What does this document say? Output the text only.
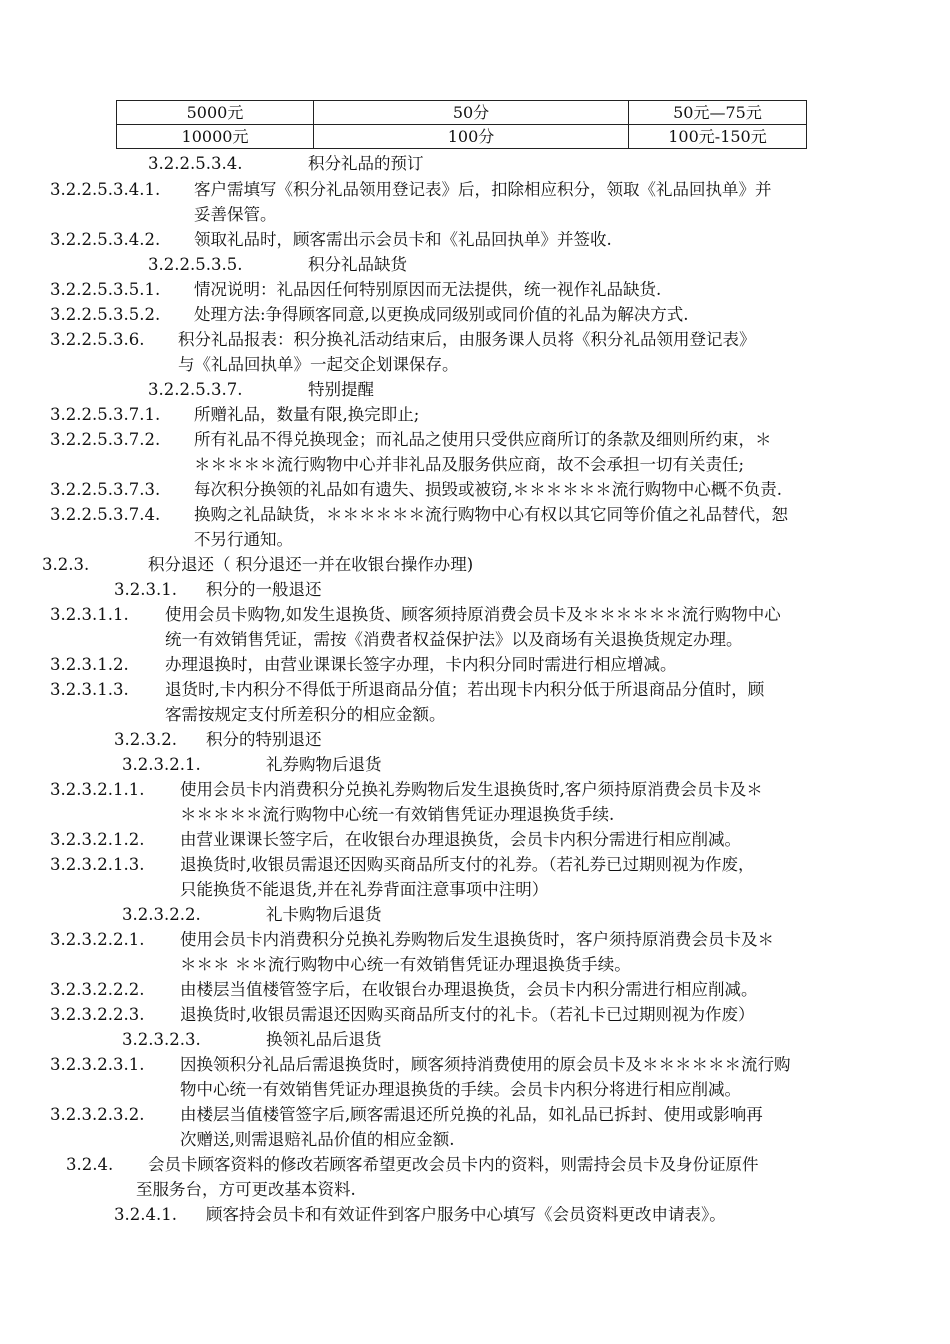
5000元	50分	50元—75元
10000元	100分	100元-150元
3.2.2.5.3.4.	积分礼品的预订
3.2.2.5.3.4.1. 客户需填写《积分礼品领用登记表》后，扣除相应积分，领取《礼品回执单》并
妥善保管。
3.2.2.5.3.4.2. 领取礼品时，顾客需出示会员卡和《礼品回执单》并签收.
3.2.2.5.3.5.	积分礼品缺货
3.2.2.5.3.5.1. 情况说明：礼品因任何特别原因而无法提供，统一视作礼品缺货.
3.2.2.5.3.5.2. 处理方法:争得顾客同意,以更换成同级别或同价值的礼品为解决方式.
3.2.2.5.3.6. 积分礼品报表：积分换礼活动结束后，由服务课人员将《积分礼品领用登记表》
与《礼品回执单》一起交企划课保存。
3.2.2.5.3.7.	特别提醒
3.2.2.5.3.7.1. 所赠礼品，数量有限,换完即止;
3.2.2.5.3.7.2. 所有礼品不得兑换现金；而礼品之使用只受供应商所订的条款及细则所约束，＊
＊＊＊＊＊流行购物中心并非礼品及服务供应商，故不会承担一切有关责任;
3.2.2.5.3.7.3. 每次积分换领的礼品如有遗失、损毁或被窃,＊＊＊＊＊＊流行购物中心概不负责.
3.2.2.5.3.7.4. 换购之礼品缺货，＊＊＊＊＊＊流行购物中心有权以其它同等价值之礼品替代，恕
不另行通知。
3.2.3.	积分退还（ 积分退还一并在收银台操作办理)
3.2.3.1. 积分的一般退还
3.2.3.1.1. 使用会员卡购物,如发生退换货、顾客须持原消费会员卡及＊＊＊＊＊＊流行购物中心
统一有效销售凭证，需按《消费者权益保护法》以及商场有关退换货规定办理。
3.2.3.1.2. 办理退换时，由营业课课长签字办理，卡内积分同时需进行相应增减。
3.2.3.1.3. 退货时,卡内积分不得低于所退商品分值；若出现卡内积分低于所退商品分值时，顾
客需按规定支付所差积分的相应金额。
3.2.3.2. 积分的特别退还
3.2.3.2.1.	礼券购物后退货
3.2.3.2.1.1. 使用会员卡内消费积分兑换礼券购物后发生退换货时,客户须持原消费会员卡及＊
＊＊＊＊＊流行购物中心统一有效销售凭证办理退换货手续.
3.2.3.2.1.2. 由营业课课长签字后，在收银台办理退换货，会员卡内积分需进行相应削减。
3.2.3.2.1.3. 退换货时,收银员需退还因购买商品所支付的礼券。（若礼券已过期则视为作废，
只能换货不能退货,并在礼券背面注意事项中注明）
3.2.3.2.2.	礼卡购物后退货
3.2.3.2.2.1. 使用会员卡内消费积分兑换礼券购物后发生退换货时，客户须持原消费会员卡及＊
＊＊＊ ＊＊流行购物中心统一有效销售凭证办理退换货手续。
3.2.3.2.2.2. 由楼层当值楼管签字后，在收银台办理退换货，会员卡内积分需进行相应削减。
3.2.3.2.2.3. 退换货时,收银员需退还因购买商品所支付的礼卡。（若礼卡已过期则视为作废）
3.2.3.2.3.	换领礼品后退货
3.2.3.2.3.1. 因换领积分礼品后需退换货时，顾客须持消费使用的原会员卡及＊＊＊＊＊＊流行购
物中心统一有效销售凭证办理退换货的手续。会员卡内积分将进行相应削减。
3.2.3.2.3.2. 由楼层当值楼管签字后,顾客需退还所兑换的礼品，如礼品已拆封、使用或影响再
次赠送,则需退赔礼品价值的相应金额.
3.2.4. 会员卡顾客资料的修改若顾客希望更改会员卡内的资料，则需持会员卡及身份证原件
至服务台，方可更改基本资料.
3.2.4.1. 顾客持会员卡和有效证件到客户服务中心填写《会员资料更改申请表》。
